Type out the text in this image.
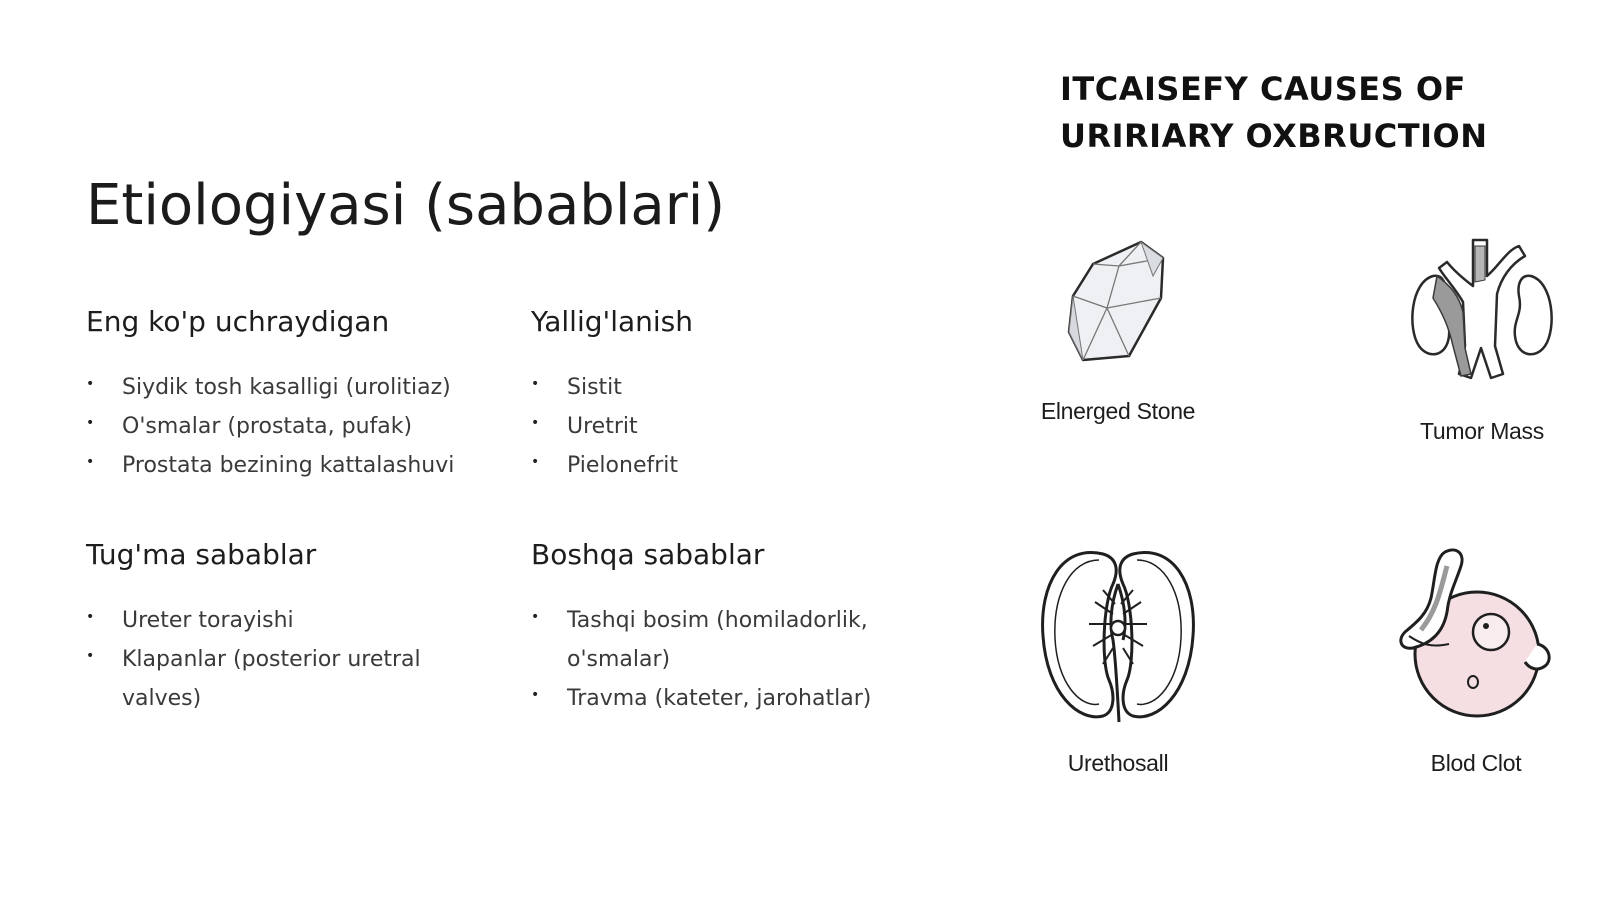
Etiologiyasi (sabablari)
Eng ko'p uchraydigan
• Siydik tosh kasalligi (urolitiaz)
• O'smalar (prostata, pufak)
• Prostata bezining kattalashuvi
Yallig'lanish
• Sistit
• Uretrit
• Pielonefrit
Tug'ma sabablar
• Ureter torayishi
• Klapanlar (posterior uretral valves)
Boshqa sabablar
• Tashqi bosim (homiladorlik, o'smalar)
• Travma (kateter, jarohatlar)
ITCAISEFY CAUSES OF
URIRIARY OXBRUCTION
Elnerged Stone
Tumor Mass
Urethosall	Blod Clot
